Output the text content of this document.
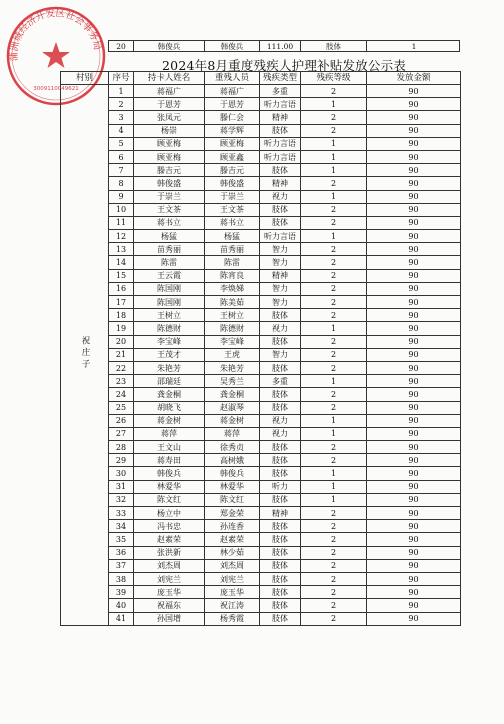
蒲洲城经济开发区社会事务局
3009110049621
20	韩俊兵	韩俊兵	111.00	肢体	1
2024年8月重度残疾人护理补贴发放公示表
村别	序号	持卡人姓名	重残人员	残疾类型	残疾等级	发放金额
祝庄子	1	蒋福广	蒋福广	多重	2	90
	2	于恩芳	于恩芳	听力言语	1	90
	3	张凤元	滕仁会	精神	2	90
	4	杨崇	蒋学辉	肢体	2	90
	5	顾亚梅	顾亚梅	听力言语	1	90
	6	顾亚梅	顾亚鑫	听力言语	1	90
	7	滕吉元	滕吉元	肢体	1	90
	8	韩俊盛	韩俊盛	精神	2	90
	9	于崇兰	于崇兰	视力	1	90
	10	王文茶	王文茶	肢体	2	90
	11	蒋书立	蒋书立	肢体	2	90
	12	杨猛	杨猛	听力言语	1	90
	13	苗秀丽	苗秀丽	智力	2	90
	14	陈雷	陈雷	智力	2	90
	15	王云霞	陈宵良	精神	2	90
	16	陈国刚	李焕娣	智力	2	90
	17	陈国刚	陈美茹	智力	2	90
	18	王树立	王树立	肢体	2	90
	19	陈德财	陈德财	视力	1	90
	20	李宝峰	李宝峰	肢体	2	90
	21	王茂才	王虎	智力	2	90
	22	朱艳芳	朱艳芳	肢体	2	90
	23	邵瑞廷	吴秀兰	多重	1	90
	24	龚金桐	龚金桐	肢体	2	90
	25	胡晓飞	赵淑琴	肢体	2	90
	26	蒋金树	蒋金树	视力	1	90
	27	蒋萍	蒋萍	视力	1	90
	28	王文山	徐秀贞	肢体	2	90
	29	蒋寿田	高树娥	肢体	2	90
	30	韩俊兵	韩俊兵	肢体	1	90
	31	林爱华	林爱华	听力	1	90
	32	陈文红	陈文红	肢体	1	90
	33	杨立中	郑金荣	精神	2	90
	34	冯书忠	孙连香	肢体	2	90
	35	赵素荣	赵素荣	肢体	2	90
	36	张洪新	林少茹	肢体	2	90
	37	刘杰周	刘杰周	肢体	2	90
	38	刘宪兰	刘宪兰	肢体	2	90
	39	庞玉华	庞玉华	肢体	2	90
	40	祝福东	祝江涛	肢体	2	90
	41	孙国增	杨秀霞	肢体	2	90
